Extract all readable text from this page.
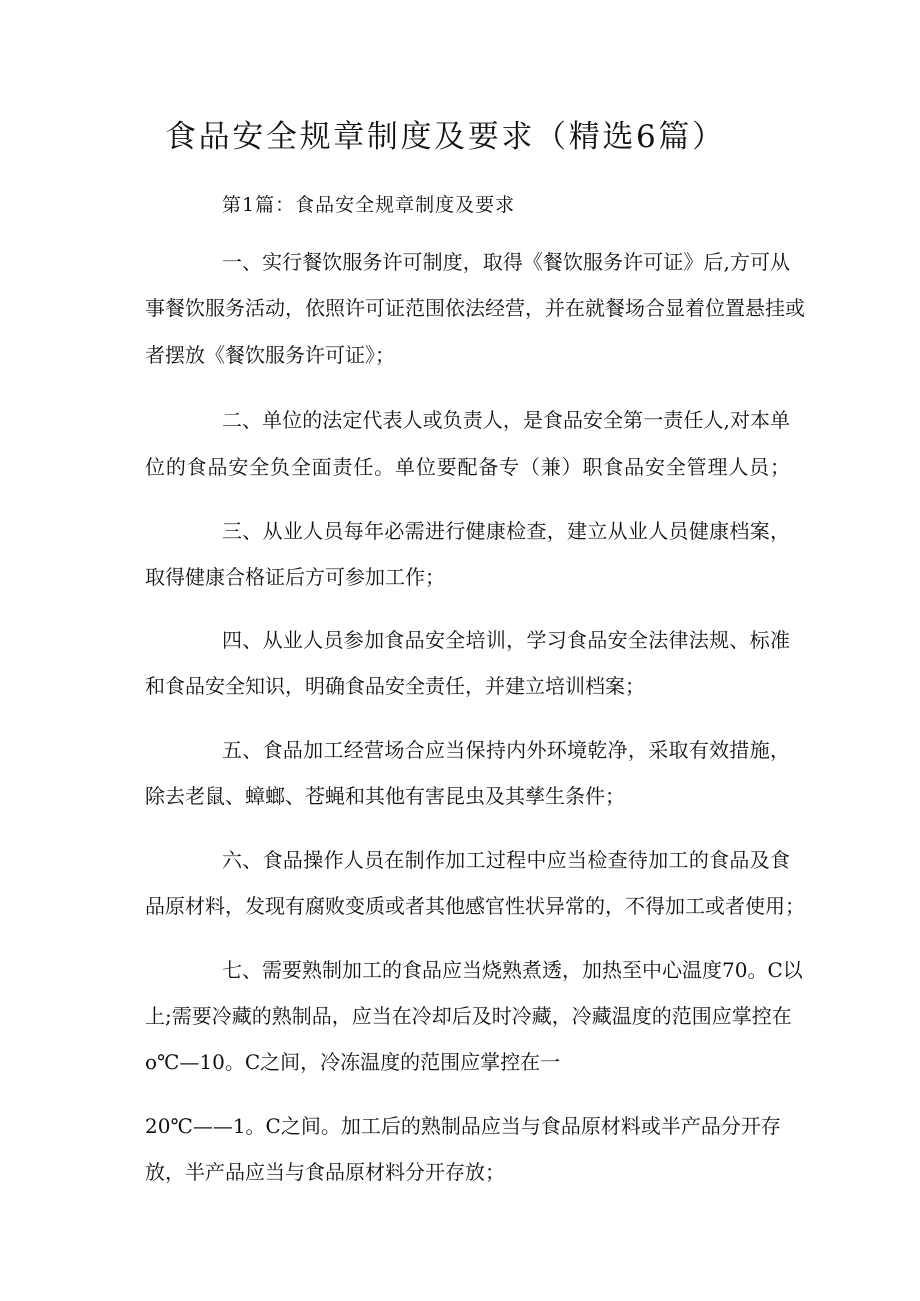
食品安全规章制度及要求（精选6篇）
第1篇：食品安全规章制度及要求
一、实行餐饮服务许可制度，取得《餐饮服务许可证》后,方可从
事餐饮服务活动，依照许可证范围依法经营，并在就餐场合显着位置悬挂或
者摆放《餐饮服务许可证》；
二、单位的法定代表人或负责人，是食品安全第一责任人,对本单
位的食品安全负全面责任。单位要配备专（兼）职食品安全管理人员；
三、从业人员每年必需进行健康检查，建立从业人员健康档案，
取得健康合格证后方可参加工作；
四、从业人员参加食品安全培训，学习食品安全法律法规、标准
和食品安全知识，明确食品安全责任，并建立培训档案；
五、食品加工经营场合应当保持内外环境乾净，采取有效措施，
除去老鼠、蟑螂、苍蝇和其他有害昆虫及其孳生条件；
六、食品操作人员在制作加工过程中应当检查待加工的食品及食
品原材料，发现有腐败变质或者其他感官性状异常的，不得加工或者使用；
七、需要熟制加工的食品应当烧熟煮透，加热至中心温度70。C以
上;需要冷藏的熟制品，应当在冷却后及时冷藏，冷藏温度的范围应掌控在
o℃—10。C之间，冷冻温度的范围应掌控在一
20℃——1。C之间。加工后的熟制品应当与食品原材料或半产品分开存
放，半产品应当与食品原材料分开存放；
